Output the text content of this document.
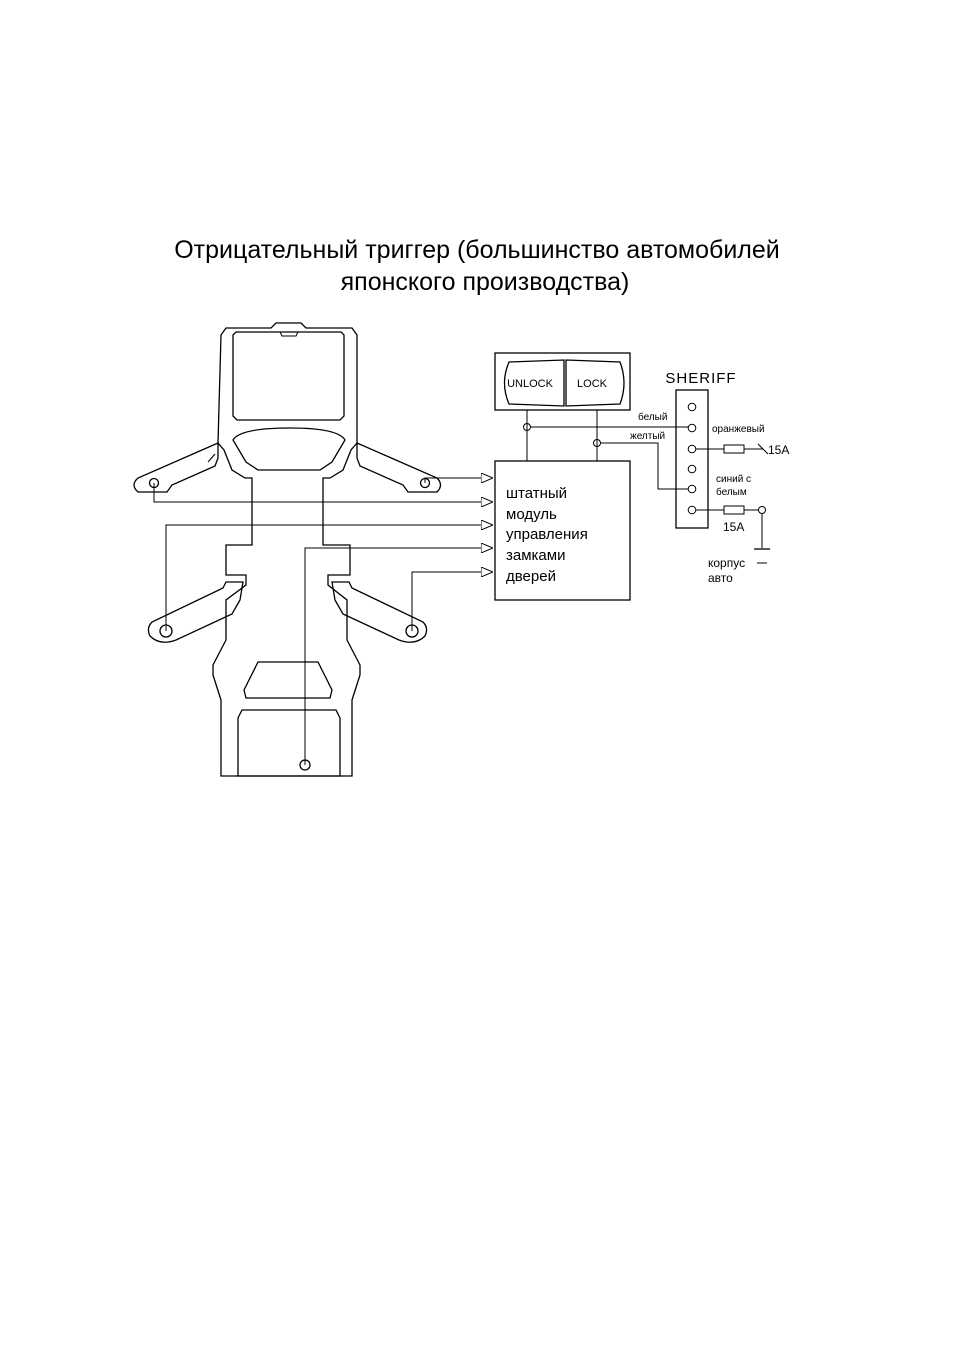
Отрицательный триггер (большинство автомобилей
японского производства)
UNLOCK LOCK
штатный
модуль
управления
замками
дверей
SHERIFF
белый
желтый
оранжевый
15A
синий с
белым
15A
корпус
авто
